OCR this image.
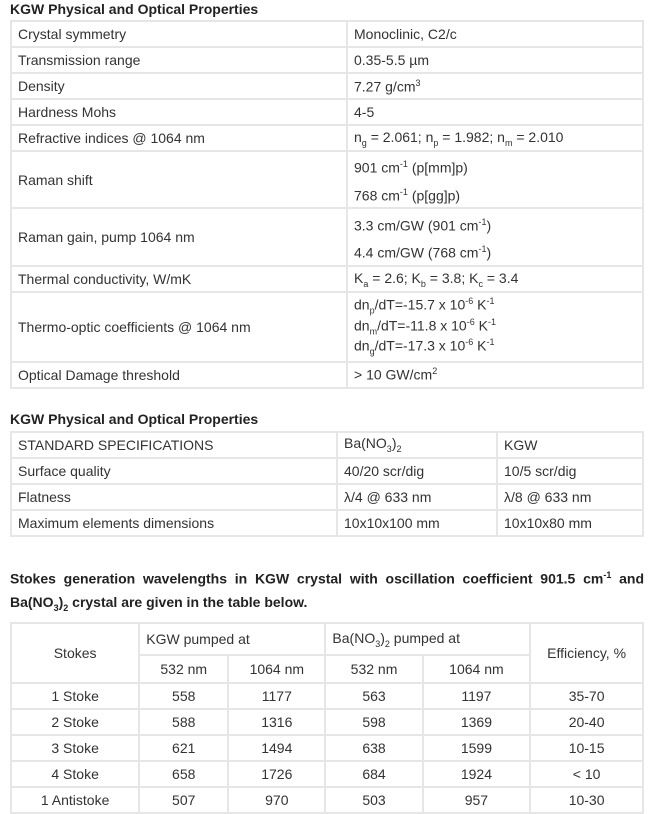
KGW Physical and Optical Properties
Crystal symmetry	Monoclinic, C2/c
Transmission range	0.35-5.5 µm
Density	7.27 $g/cm^3$
Hardness Mohs	4-5
Refractive indices @ 1064 nm	$n_g = 2.061$; $n_p = 1.982$; $n_m = 2.010$
Raman shift	901 $cm^{-1}$ (p[mm]p)
768 $cm^{-1}$ (p[gg]p)

Raman gain, pump 1064 nm	3.3 cm/GW (901 $cm^{-1}$)
4.4 cm/GW (768 $cm^{-1}$)

Thermal conductivity, W/mK	$K_a = 2.6$; $K_b = 3.8$; $K_c = 3.4$
Thermo-optic coefficients @ 1064 nm	$dn_p/dT=-15.7$ x $10^{-6}$ $K^{-1}$
$dn_m/dT=-11.8$ x $10^{-6}$ $K^{-1}$
$dn_g/dT=-17.3$ x $10^{-6}$ $K^{-1}$

Optical Damage threshold	> 10 $GW/cm^2$
KGW Physical and Optical Properties
STANDARD SPECIFICATIONS	$Ba(NO_3)_2$	KGW
Surface quality	40/20 scr/dig	10/5 scr/dig
Flatness	λ/4 @ 633 nm	λ/8 @ 633 nm
Maximum elements dimensions	10x10x100 mm	10x10x80 mm
Stokes generation wavelengths in KGW crystal with oscillation coefficient 901.5 $cm^{-1}$ and $Ba(NO_3)_2$ crystal are given in the table below.
Stokes	KGW pumped at		$Ba(NO_3)_2$ pumped at		Efficiency, %
	532 nm	1064 nm	532 nm	1064 nm	
1 Stoke	558	1177	563	1197	35-70
2 Stoke	588	1316	598	1369	20-40
3 Stoke	621	1494	638	1599	10-15
4 Stoke	658	1726	684	1924	< 10
1 Antistoke	507	970	503	957	10-30
